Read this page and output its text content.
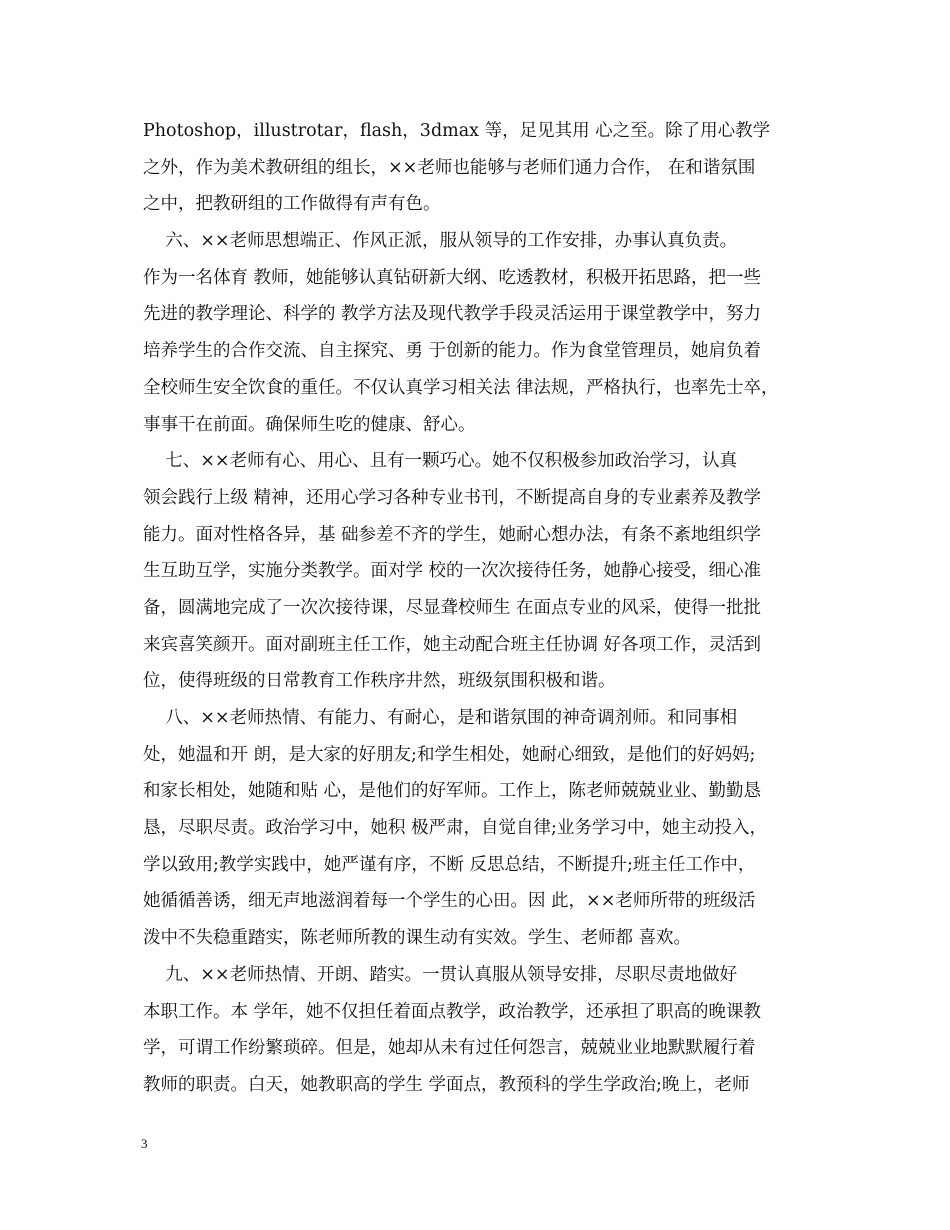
Photoshop，illustrotar，flash，3dmax 等，足见其用 心之至。除了用心教学
之外，作为美术教研组的组长，××老师也能够与老师们通力合作， 在和谐氛围
之中，把教研组的工作做得有声有色。
六、××老师思想端正、作风正派，服从领导的工作安排，办事认真负责。
作为一名体育 教师，她能够认真钻研新大纲、吃透教材，积极开拓思路，把一些
先进的教学理论、科学的 教学方法及现代教学手段灵活运用于课堂教学中，努力
培养学生的合作交流、自主探究、勇 于创新的能力。作为食堂管理员，她肩负着
全校师生安全饮食的重任。不仅认真学习相关法 律法规，严格执行，也率先士卒，
事事干在前面。确保师生吃的健康、舒心。
七、××老师有心、用心、且有一颗巧心。她不仅积极参加政治学习，认真
领会践行上级 精神，还用心学习各种专业书刊，不断提高自身的专业素养及教学
能力。面对性格各异，基 础参差不齐的学生，她耐心想办法，有条不紊地组织学
生互助互学，实施分类教学。面对学 校的一次次接待任务，她静心接受，细心准
备，圆满地完成了一次次接待课，尽显聋校师生 在面点专业的风采，使得一批批
来宾喜笑颜开。面对副班主任工作，她主动配合班主任协调 好各项工作，灵活到
位，使得班级的日常教育工作秩序井然，班级氛围积极和谐。
八、××老师热情、有能力、有耐心，是和谐氛围的神奇调剂师。和同事相
处，她温和开 朗，是大家的好朋友;和学生相处，她耐心细致，是他们的好妈妈;
和家长相处，她随和贴 心，是他们的好军师。工作上，陈老师兢兢业业、勤勤恳
恳，尽职尽责。政治学习中，她积 极严肃，自觉自律;业务学习中，她主动投入，
学以致用;教学实践中，她严谨有序，不断 反思总结，不断提升;班主任工作中，
她循循善诱，细无声地滋润着每一个学生的心田。因 此，××老师所带的班级活
泼中不失稳重踏实，陈老师所教的课生动有实效。学生、老师都 喜欢。
九、××老师热情、开朗、踏实。一贯认真服从领导安排，尽职尽责地做好
本职工作。本 学年，她不仅担任着面点教学，政治教学，还承担了职高的晚课教
学，可谓工作纷繁琐碎。但是，她却从未有过任何怨言，兢兢业业地默默履行着
教师的职责。白天，她教职高的学生 学面点，教预科的学生学政治;晚上，老师
3
